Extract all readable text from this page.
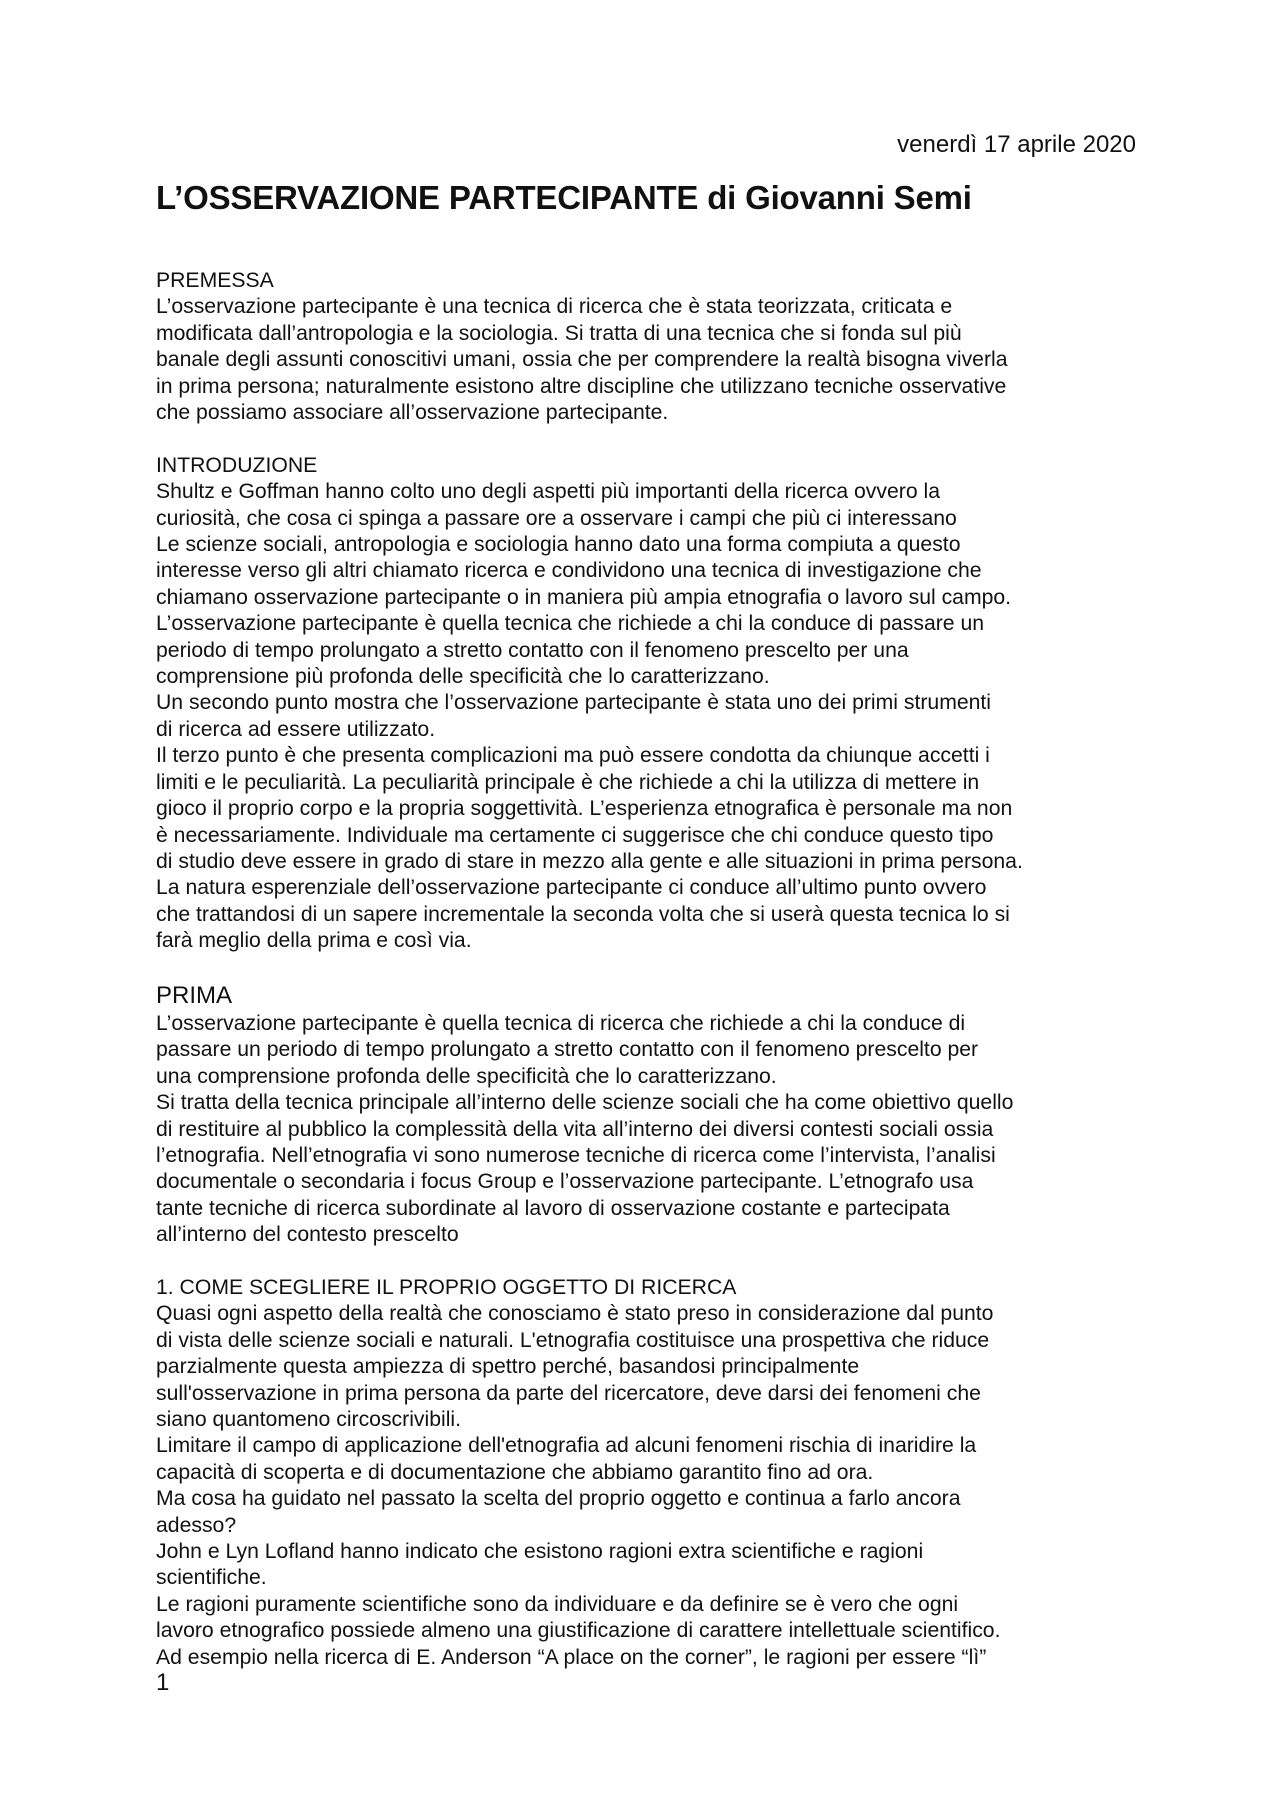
venerdì 17 aprile 2020
L’OSSERVAZIONE PARTECIPANTE di Giovanni Semi
PREMESSA
L’osservazione partecipante è una tecnica di ricerca che è stata teorizzata, criticata e
modificata dall’antropologia e la sociologia. Si tratta di una tecnica che si fonda sul più
banale degli assunti conoscitivi umani, ossia che per comprendere la realtà bisogna viverla
in prima persona; naturalmente esistono altre discipline che utilizzano tecniche osservative
che possiamo associare all’osservazione partecipante.
INTRODUZIONE
Shultz e Goffman hanno colto uno degli aspetti più importanti della ricerca ovvero la
curiosità, che cosa ci spinga a passare ore a osservare i campi che più ci interessano
Le scienze sociali, antropologia e sociologia hanno dato una forma compiuta a questo
interesse verso gli altri chiamato ricerca e condividono una tecnica di investigazione che
chiamano osservazione partecipante o in maniera più ampia etnografia o lavoro sul campo.
L’osservazione partecipante è quella tecnica che richiede a chi la conduce di passare un
periodo di tempo prolungato a stretto contatto con il fenomeno prescelto per una
comprensione più profonda delle specificità che lo caratterizzano.
Un secondo punto mostra che l’osservazione partecipante è stata uno dei primi strumenti
di ricerca ad essere utilizzato.
Il terzo punto è che presenta complicazioni ma può essere condotta da chiunque accetti i
limiti e le peculiarità. La peculiarità principale è che richiede a chi la utilizza di mettere in
gioco il proprio corpo e la propria soggettività. L’esperienza etnografica è personale ma non
è necessariamente. Individuale ma certamente ci suggerisce che chi conduce questo tipo
di studio deve essere in grado di stare in mezzo alla gente e alle situazioni in prima persona.
La natura esperenziale dell’osservazione partecipante ci conduce all’ultimo punto ovvero
che trattandosi di un sapere incrementale la seconda volta che si userà questa tecnica lo si
farà meglio della prima e così via.
PRIMA
L’osservazione partecipante è quella tecnica di ricerca che richiede a chi la conduce di
passare un periodo di tempo prolungato a stretto contatto con il fenomeno prescelto per
una comprensione profonda delle specificità che lo caratterizzano.
Si tratta della tecnica principale all’interno delle scienze sociali che ha come obiettivo quello
di restituire al pubblico la complessità della vita all’interno dei diversi contesti sociali ossia
l’etnografia. Nell’etnografia vi sono numerose tecniche di ricerca come l’intervista, l’analisi
documentale o secondaria i focus Group e l’osservazione partecipante. L’etnografo usa
tante tecniche di ricerca subordinate al lavoro di osservazione costante e partecipata
all’interno del contesto prescelto
1. COME SCEGLIERE IL PROPRIO OGGETTO DI RICERCA
Quasi ogni aspetto della realtà che conosciamo è stato preso in considerazione dal punto
di vista delle scienze sociali e naturali. L'etnografia costituisce una prospettiva che riduce
parzialmente questa ampiezza di spettro perché, basandosi principalmente
sull'osservazione in prima persona da parte del ricercatore, deve darsi dei fenomeni che
siano quantomeno circoscrivibili.
Limitare il campo di applicazione dell'etnografia ad alcuni fenomeni rischia di inaridire la
capacità di scoperta e di documentazione che abbiamo garantito fino ad ora.
Ma cosa ha guidato nel passato la scelta del proprio oggetto e continua a farlo ancora
adesso?
John e Lyn Lofland hanno indicato che esistono ragioni extra scientifiche e ragioni
scientifiche.
Le ragioni puramente scientifiche sono da individuare e da definire se è vero che ogni
lavoro etnografico possiede almeno una giustificazione di carattere intellettuale scientifico.
Ad esempio nella ricerca di E. Anderson “A place on the corner”, le ragioni per essere “lì”
1
